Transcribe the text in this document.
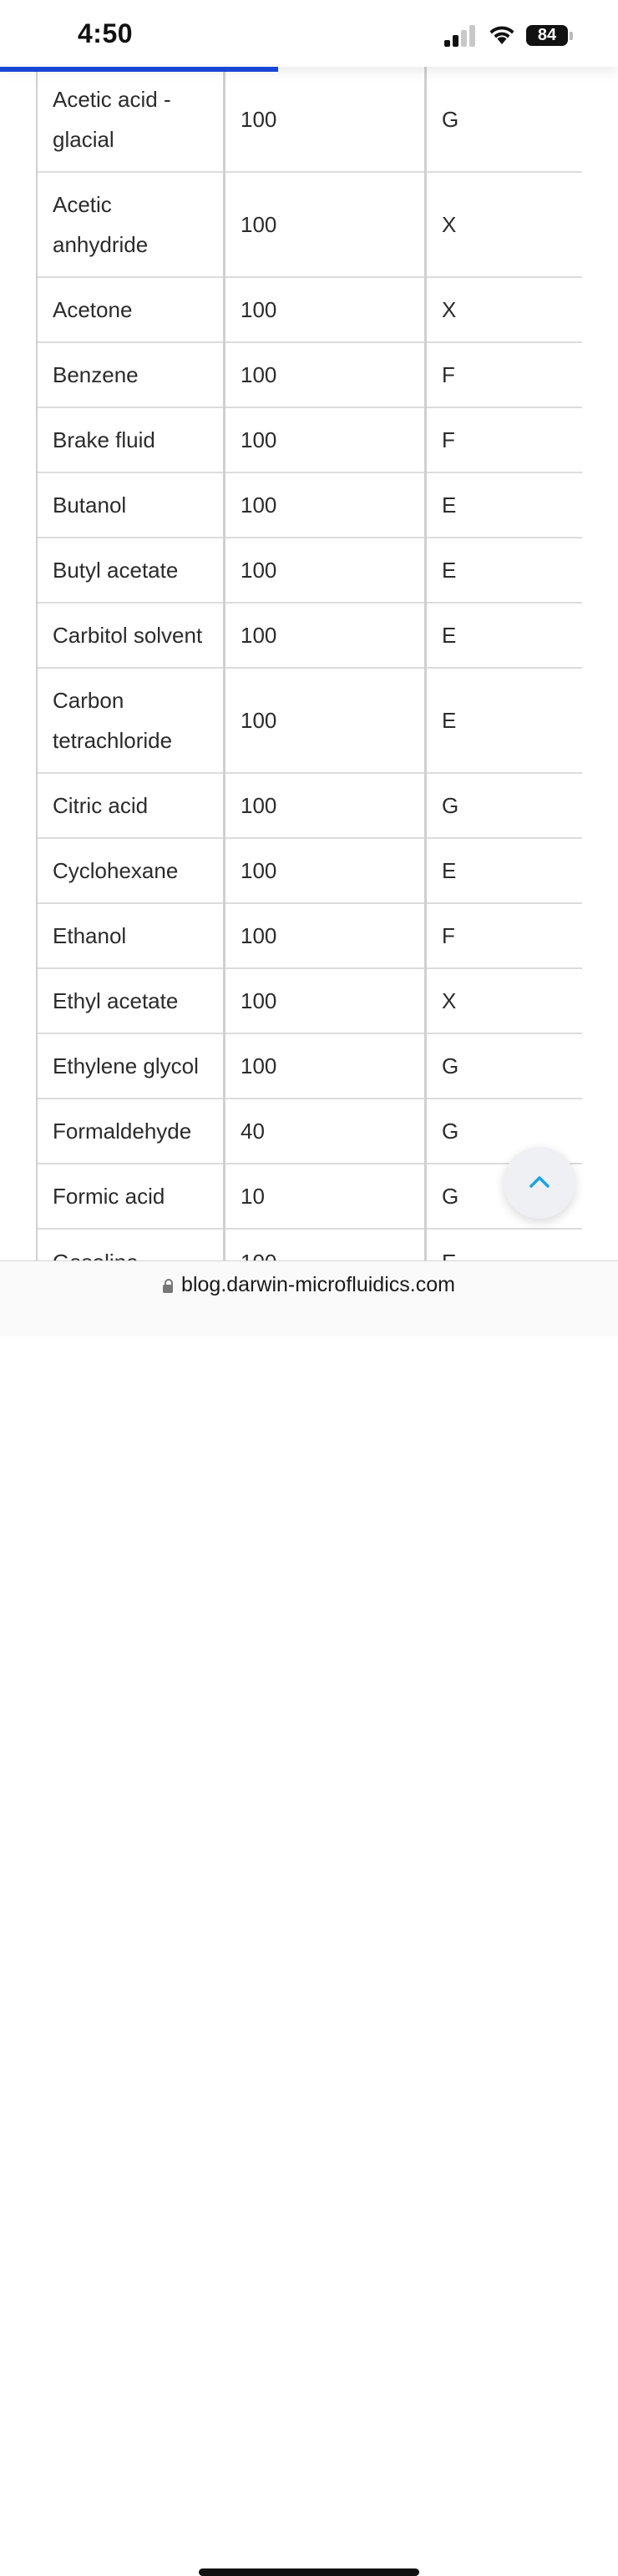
Acetic acid - glacial	100	G
Acetic anhydride	100	X
Acetone	100	X
Benzene	100	F
Brake fluid	100	F
Butanol	100	E
Butyl acetate	100	E
Carbitol solvent	100	E
Carbon tetrachloride	100	E
Citric acid	100	G
Cyclohexane	100	E
Ethanol	100	F
Ethyl acetate	100	X
Ethylene glycol	100	G
Formaldehyde	40	G
Formic acid	10	G

4:50	84
blog.darwin-microfluidics.com
